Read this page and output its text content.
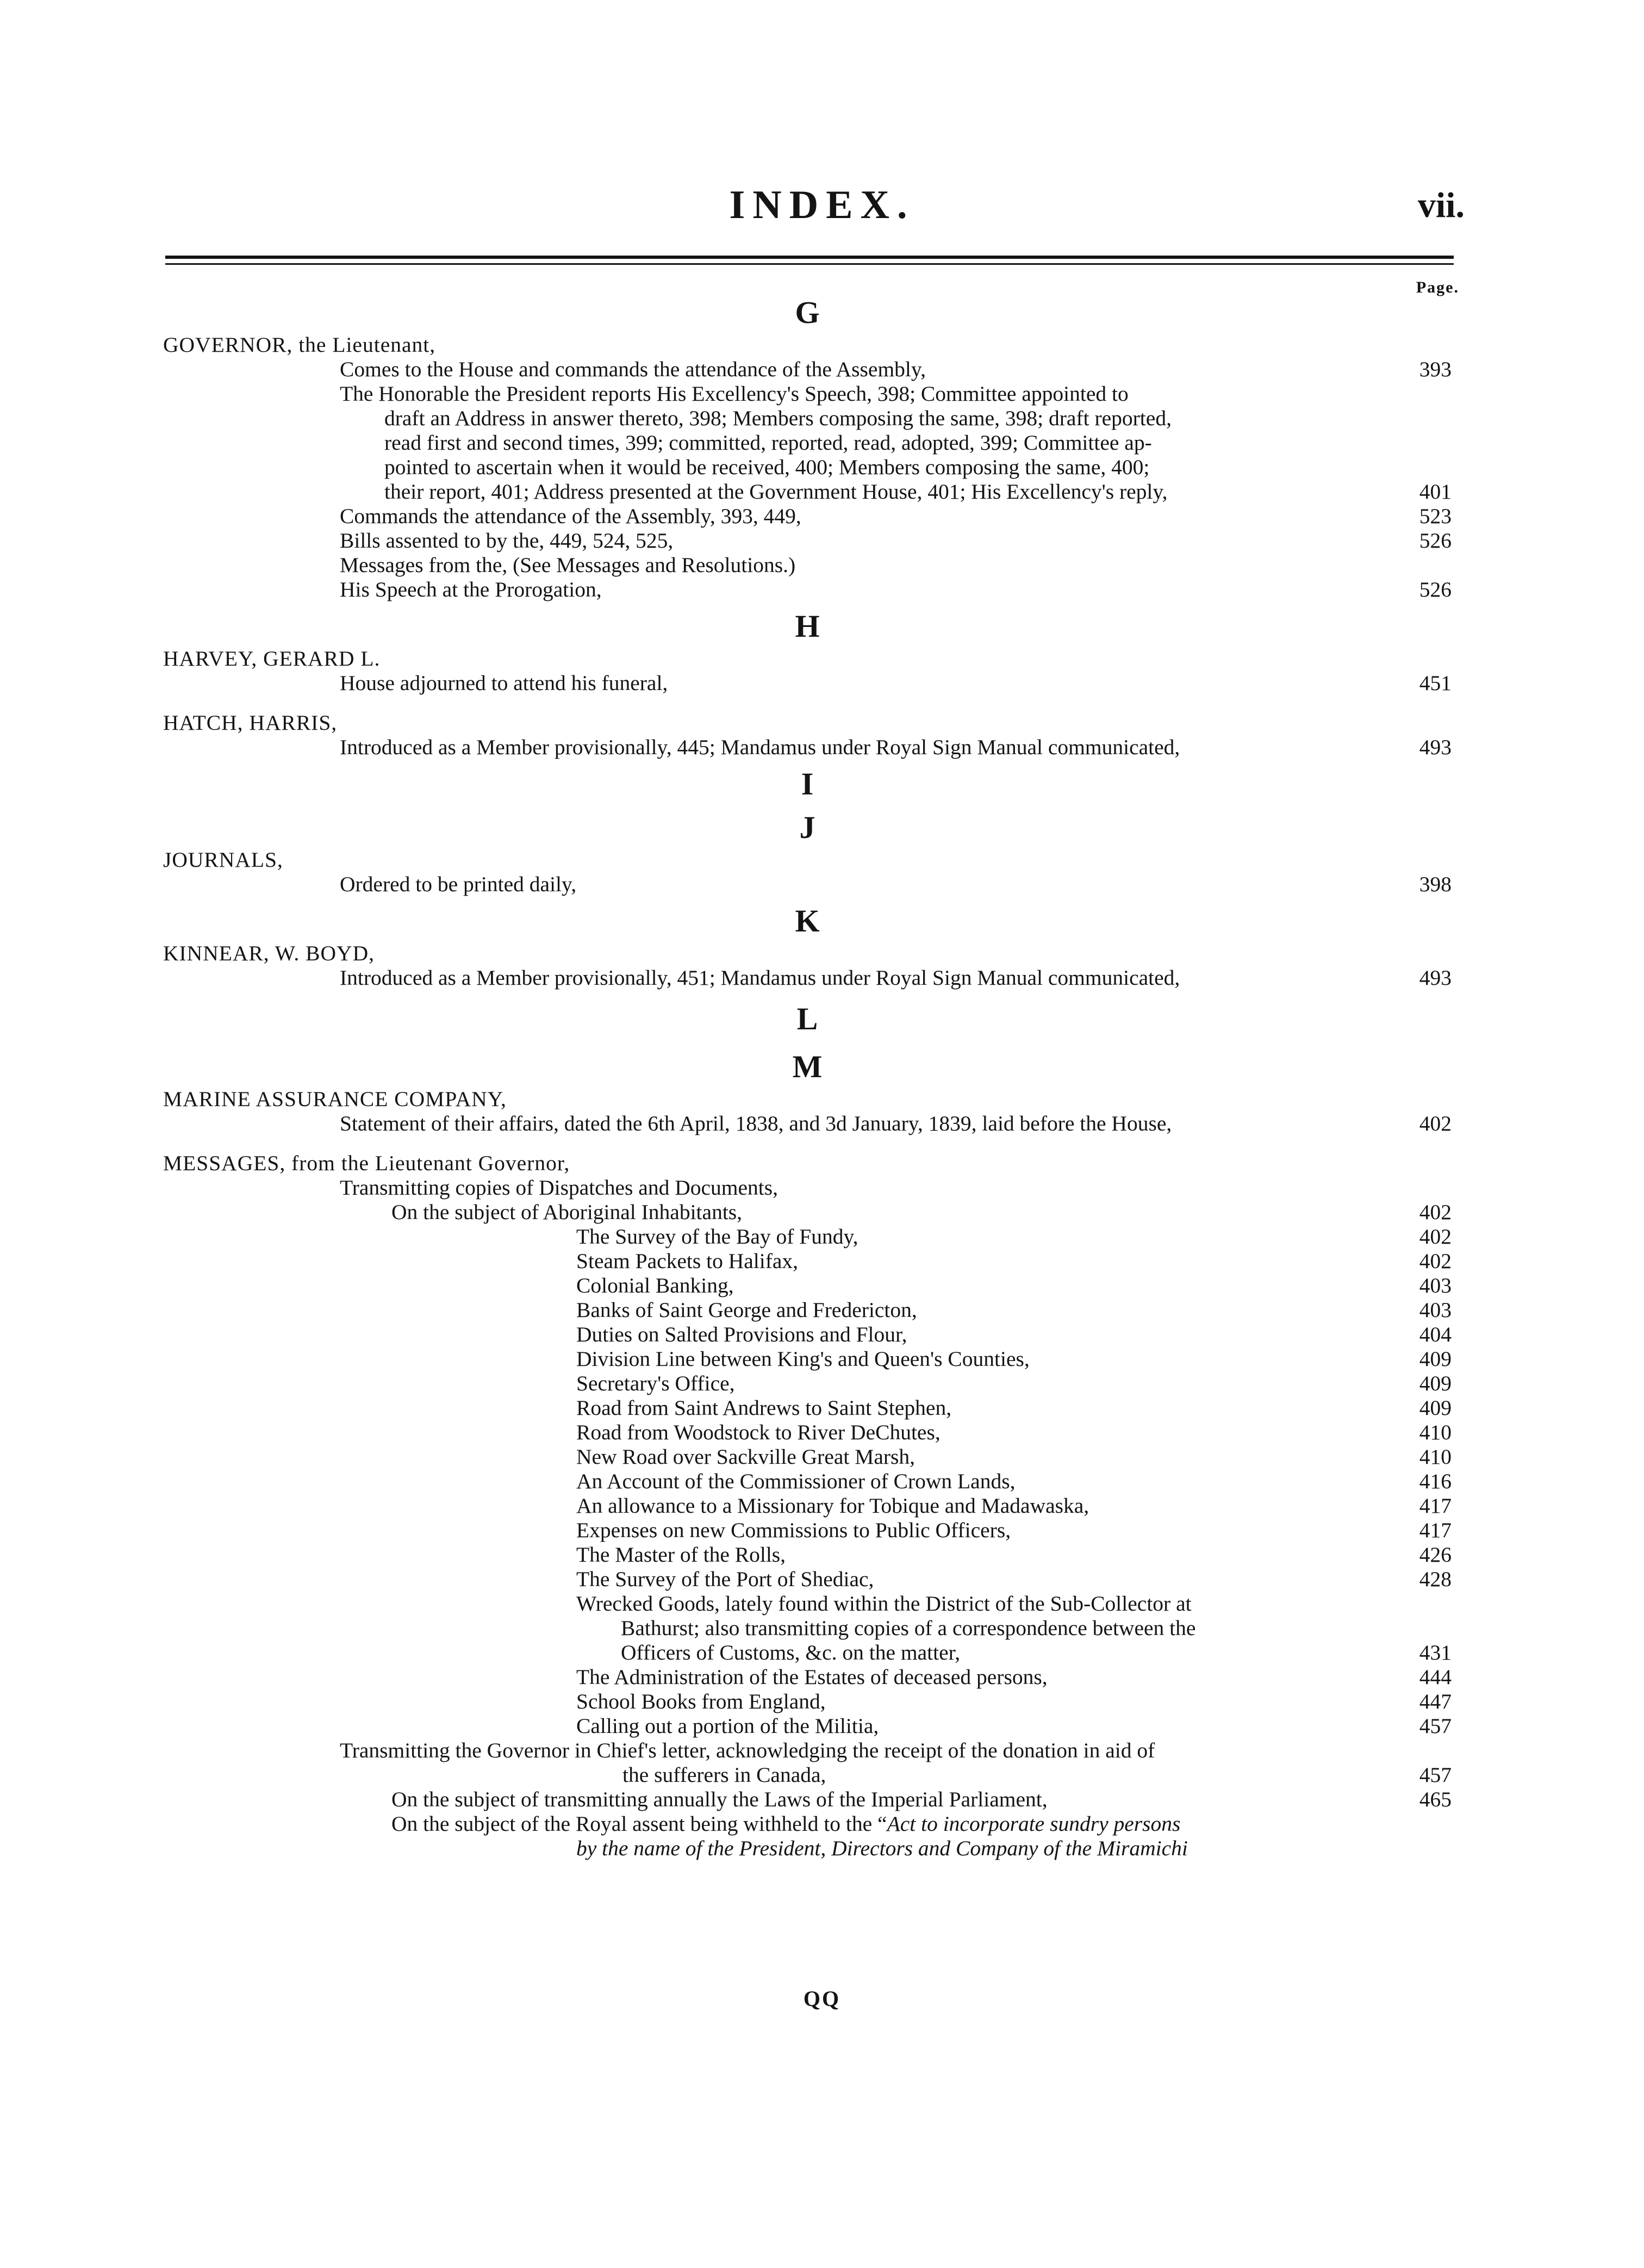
INDEX.	vii.
Page.
G
GOVERNOR, the Lieutenant,
Comes to the House and commands the attendance of the Assembly,	393
The Honorable the President reports His Excellency's Speech, 398; Committee appointed to
draft an Address in answer thereto, 398; Members composing the same, 398; draft reported,
read first and second times, 399; committed, reported, read, adopted, 399; Committee ap-
pointed to ascertain when it would be received, 400; Members composing the same, 400;
their report, 401; Address presented at the Government House, 401; His Excellency's reply,	401
Commands the attendance of the Assembly, 393, 449,	523
Bills assented to by the, 449, 524, 525,	526
Messages from the, (See Messages and Resolutions.)
His Speech at the Prorogation,	526
H
HARVEY, GERARD L.
House adjourned to attend his funeral,	451
HATCH, HARRIS,
Introduced as a Member provisionally, 445; Mandamus under Royal Sign Manual communicated,	493
I
J
JOURNALS,
Ordered to be printed daily,	398
K
KINNEAR, W. BOYD,
Introduced as a Member provisionally, 451; Mandamus under Royal Sign Manual communicated,	493
L
M
MARINE ASSURANCE COMPANY,
Statement of their affairs, dated the 6th April, 1838, and 3d January, 1839, laid before the House,	402
MESSAGES, from the Lieutenant Governor,
Transmitting copies of Dispatches and Documents,
On the subject of Aboriginal Inhabitants,	402
The Survey of the Bay of Fundy,	402
Steam Packets to Halifax,	402
Colonial Banking,	403
Banks of Saint George and Fredericton,	403
Duties on Salted Provisions and Flour,	404
Division Line between King's and Queen's Counties,	409
Secretary's Office,	409
Road from Saint Andrews to Saint Stephen,	409
Road from Woodstock to River DeChutes,	410
New Road over Sackville Great Marsh,	410
An Account of the Commissioner of Crown Lands,	416
An allowance to a Missionary for Tobique and Madawaska,	417
Expenses on new Commissions to Public Officers,	417
The Master of the Rolls,	426
The Survey of the Port of Shediac,	428
Wrecked Goods, lately found within the District of the Sub-Collector at
Bathurst; also transmitting copies of a correspondence between the
Officers of Customs, &c. on the matter,	431
The Administration of the Estates of deceased persons,	444
School Books from England,	447
Calling out a portion of the Militia,	457
Transmitting the Governor in Chief's letter, acknowledging the receipt of the donation in aid of
the sufferers in Canada,	457
On the subject of transmitting annually the Laws of the Imperial Parliament,	465
On the subject of the Royal assent being withheld to the “Act to incorporate sundry persons
by the name of the President, Directors and Company of the Miramichi
QQ
